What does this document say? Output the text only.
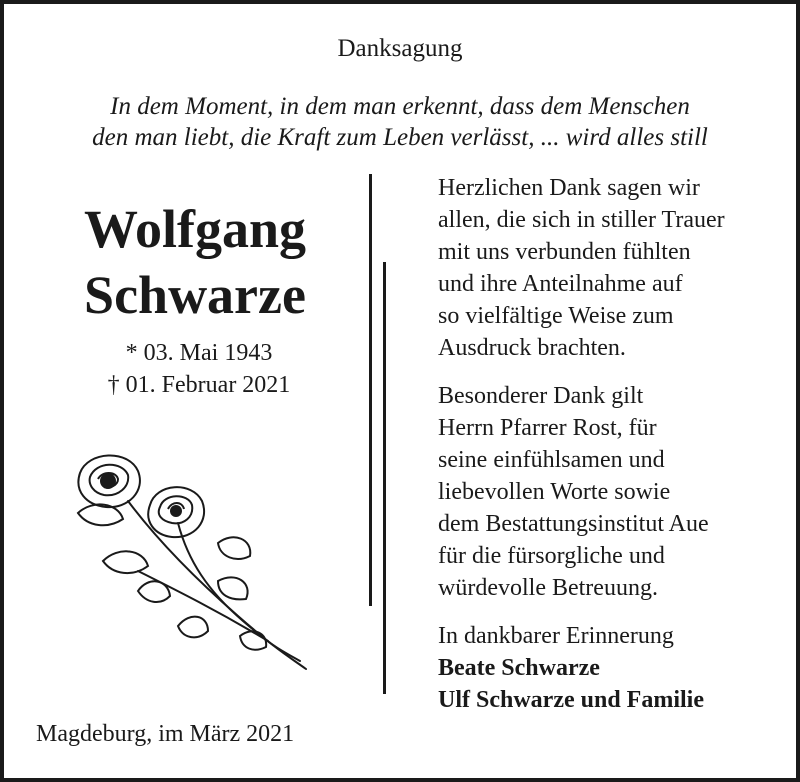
Danksagung
In dem Moment, in dem man erkennt, dass dem Menschen
den man liebt, die Kraft zum Leben verlässt, ... wird alles still
Wolfgang
Schwarze
* 03. Mai 1943
† 01. Februar 2021

Herzlichen Dank sagen wir

allen, die sich in stiller Trauer

mit uns verbunden fühlten

und ihre Anteilnahme auf

so vielfältige Weise zum

Ausdruck brachten.

Besonderer Dank gilt

Herrn Pfarrer Rost, für

seine einfühlsamen und

liebevollen Worte sowie

dem Bestattungsinstitut Aue

für die fürsorgliche und

würdevolle Betreuung.

In dankbarer Erinnerung

Beate Schwarze

Ulf Schwarze und Familie

Magdeburg, im März 2021
